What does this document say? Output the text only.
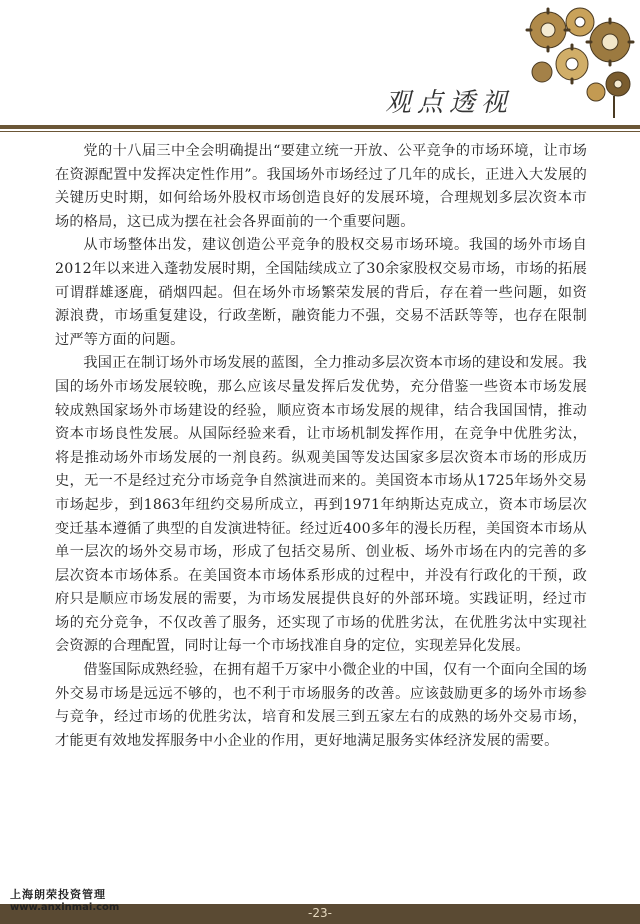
观点透视

党的十八届三中全会明确提出“要建立统一开放、公平竞争的市场环境，让市场在资源配置中发挥决定性作用”。我国场外市场经过了几年的成长，正进入大发展的关键历史时期，如何给场外股权市场创造良好的发展环境，合理规划多层次资本市场的格局，这已成为摆在社会各界面前的一个重要问题。

从市场整体出发，建议创造公平竞争的股权交易市场环境。我国的场外市场自2012年以来进入蓬勃发展时期，全国陆续成立了30余家股权交易市场，市场的拓展可谓群雄逐鹿，硝烟四起。但在场外市场繁荣发展的背后，存在着一些问题，如资源浪费，市场重复建设，行政垄断，融资能力不强，交易不活跃等等，也存在限制过严等方面的问题。

我国正在制订场外市场发展的蓝图，全力推动多层次资本市场的建设和发展。我国的场外市场发展较晚，那么应该尽量发挥后发优势，充分借鉴一些资本市场发展较成熟国家场外市场建设的经验，顺应资本市场发展的规律，结合我国国情，推动资本市场良性发展。从国际经验来看，让市场机制发挥作用，在竞争中优胜劣汰，将是推动场外市场发展的一剂良药。纵观美国等发达国家多层次资本市场的形成历史，无一不是经过充分市场竞争自然演进而来的。美国资本市场从1725年场外交易市场起步，到1863年纽约交易所成立，再到1971年纳斯达克成立，资本市场层次变迁基本遵循了典型的自发演进特征。经过近400多年的漫长历程，美国资本市场从单一层次的场外交易市场，形成了包括交易所、创业板、场外市场在内的完善的多层次资本市场体系。在美国资本市场体系形成的过程中，并没有行政化的干预，政府只是顺应市场发展的需要，为市场发展提供良好的外部环境。实践证明，经过市场的充分竞争，不仅改善了服务，还实现了市场的优胜劣汰，在优胜劣汰中实现社会资源的合理配置，同时让每一个市场找准自身的定位，实现差异化发展。

借鉴国际成熟经验，在拥有超千万家中小微企业的中国，仅有一个面向全国的场外交易市场是远远不够的，也不利于市场服务的改善。应该鼓励更多的场外市场参与竞争，经过市场的优胜劣汰，培育和发展三到五家左右的成熟的场外交易市场，才能更有效地发挥服务中小企业的作用，更好地满足服务实体经济发展的需要。

上海朗荣投资管理
www.anxinmai.com	-23-
